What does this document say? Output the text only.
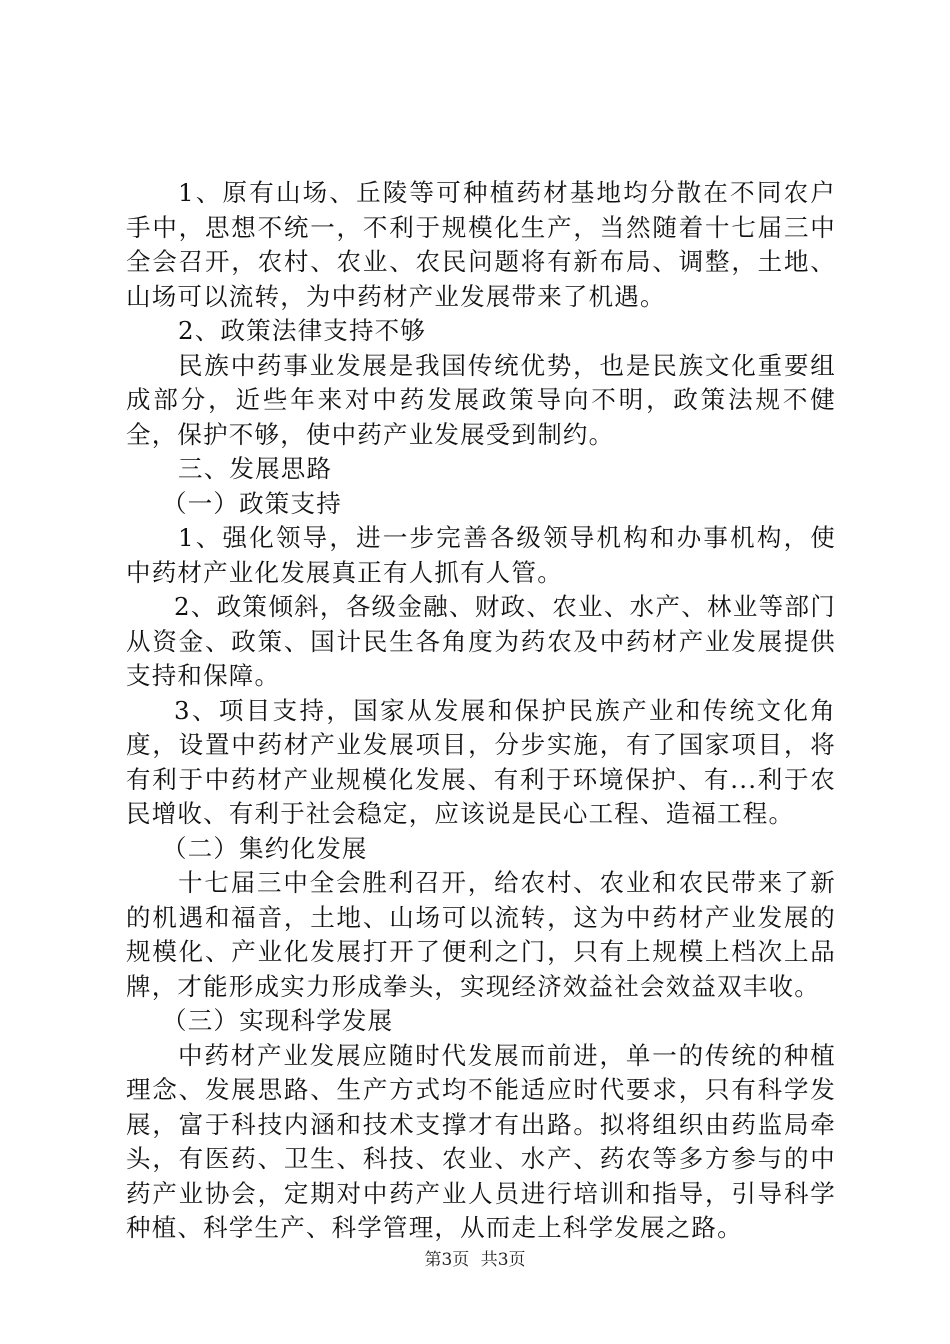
1、原有山场、丘陵等可种植药材基地均分散在不同农户手中，思想不统一，不利于规模化生产，当然随着十七届三中全会召开，农村、农业、农民问题将有新布局、调整，土地、山场可以流转，为中药材产业发展带来了机遇。

2、政策法律支持不够

民族中药事业发展是我国传统优势，也是民族文化重要组成部分，近些年来对中药发展政策导向不明，政策法规不健全，保护不够，使中药产业发展受到制约。

三、发展思路

（一）政策支持

1、强化领导，进一步完善各级领导机构和办事机构，使中药材产业化发展真正有人抓有人管。

2、政策倾斜，各级金融、财政、农业、水产、林业等部门从资金、政策、国计民生各角度为药农及中药材产业发展提供支持和保障。

3、项目支持，国家从发展和保护民族产业和传统文化角度，设置中药材产业发展项目，分步实施，有了国家项目，将有利于中药材产业规模化发展、有利于环境保护、有...利于农民增收、有利于社会稳定，应该说是民心工程、造福工程。

（二）集约化发展

十七届三中全会胜利召开，给农村、农业和农民带来了新的机遇和福音，土地、山场可以流转，这为中药材产业发展的规模化、产业化发展打开了便利之门，只有上规模上档次上品牌，才能形成实力形成拳头，实现经济效益社会效益双丰收。

（三）实现科学发展

中药材产业发展应随时代发展而前进，单一的传统的种植理念、发展思路、生产方式均不能适应时代要求，只有科学发展，富于科技内涵和技术支撑才有出路。拟将组织由药监局牵头，有医药、卫生、科技、农业、水产、药农等多方参与的中药产业协会，定期对中药产业人员进行培训和指导，引导科学种植、科学生产、科学管理，从而走上科学发展之路。

第3页 共3页
